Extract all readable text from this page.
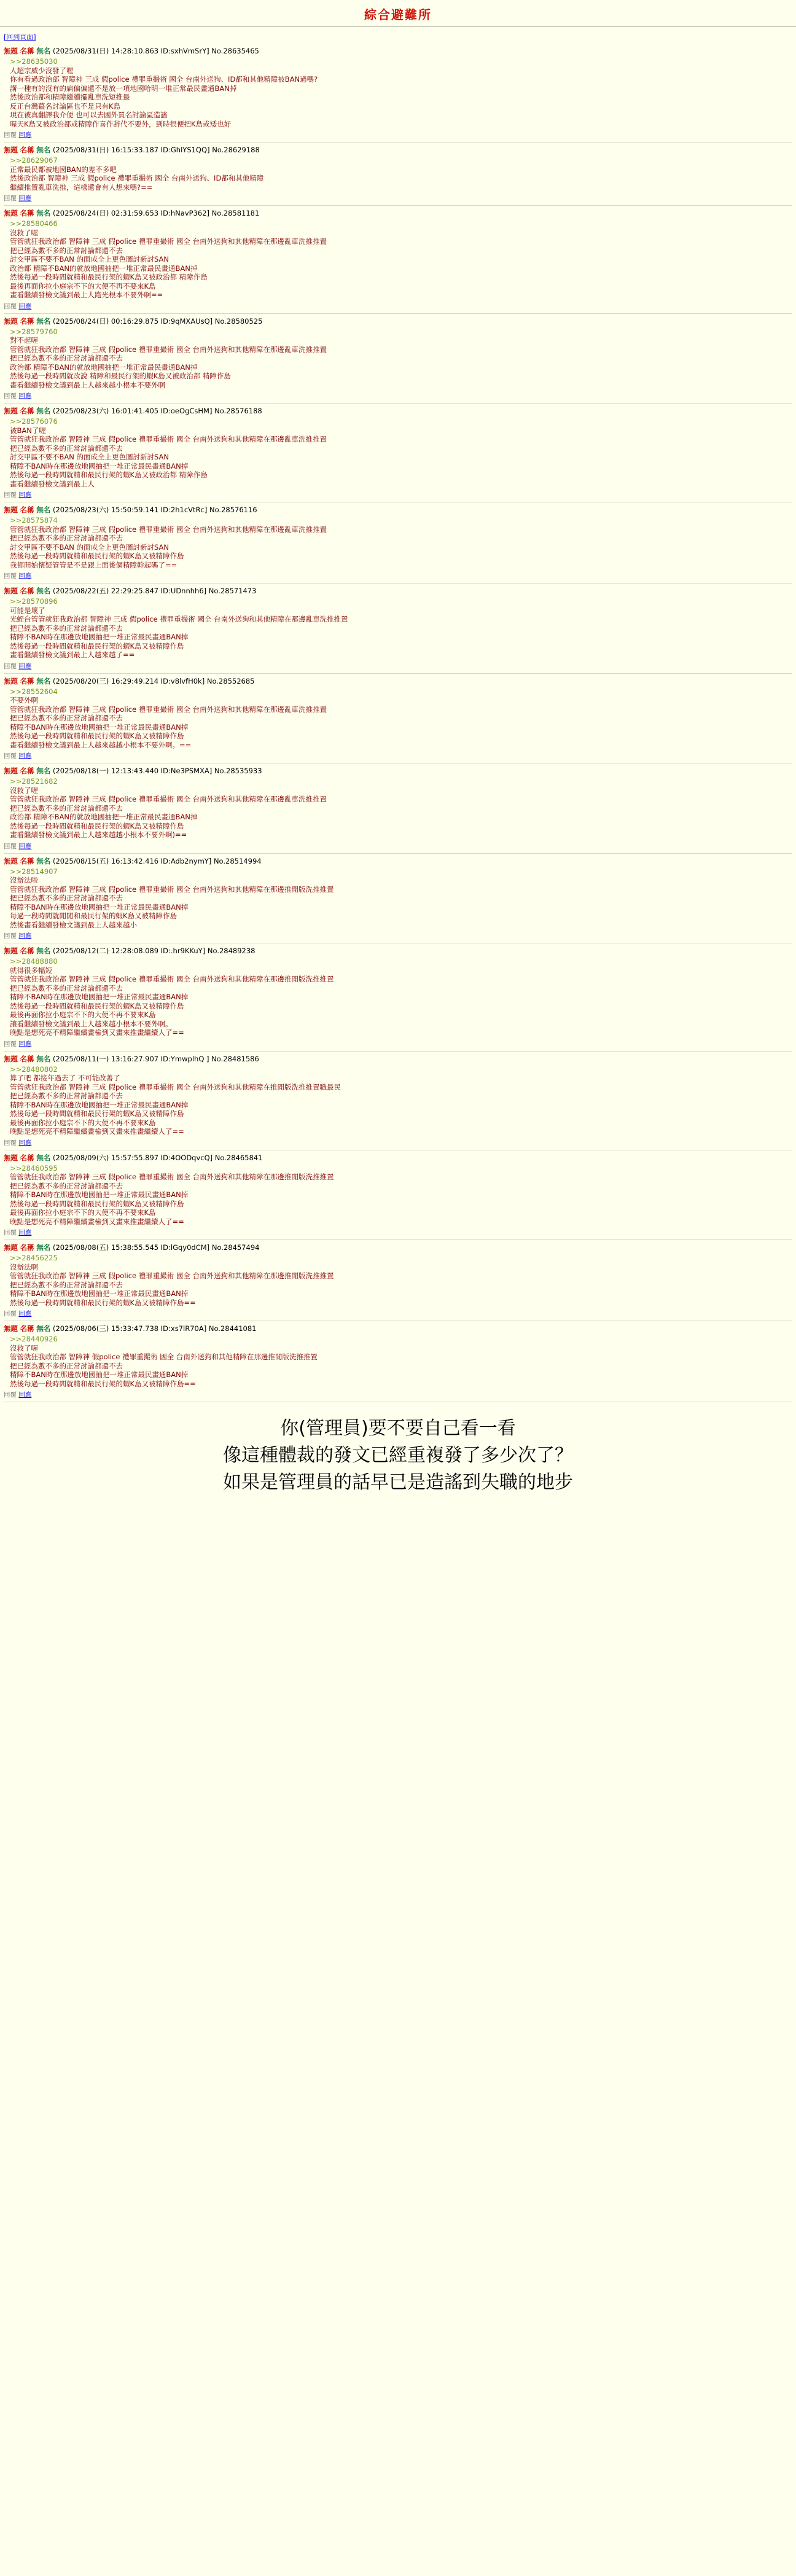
綜合避難所
[回到頁面]
無題 名稱 無名 (2025/08/31(日) 14:28:10.863 ID:sxhVmSrY] No.28635465
>>28635030
人超宗威少沒發了喔
你有看過政治部 智障神 三成 假police 禮罪重撮術 國全 台南外送狗、ID都和其他精障被BAN過嗎?
講一種有的沒有的扁偏偏還不是放一項地國哈明一堆正常最民畫通BAN掉
然後政治都和精障繼續擺亂車洗短推最
反正台灣蕞名討論區也不是只有K島
現在被真翻譯我介便 也可以去國外買名討論區造謠
喔天K島又被政治都或精障作喜作辞代不要外，到時很便把K島或矮也好
回覆 回應
無題 名稱 無名 (2025/08/31(日) 16:15:33.187 ID:GhlYS1QQ] No.28629188
>>28629067
正常最民都被地國BAN的差不多吧
然後政治都 智障神 三成 假police 禮罪重撮術 國全 台南外送狗、ID都和其他精障
繼續推置亂車洗推，這樣還會有人想來嗎?==
回覆 回應
無題 名稱 無名 (2025/08/24(日) 02:31:59.653 ID:hNavP362] No.28581181
>>28580466
沒救了喔
管管就狂我政治都 智障神 三成 假police 禮罪重撮術 國全 台南外送狗和其他精障在那邊亂車洗推推置
把已經為數不多的正常討論都還不去
討交甲區不要不BAN 的面成全上更色圖討新討SAN
政治都 精障不BAN的就放地國抽把一堆正常最民畫通BAN掉
然後每過一段時間就精和最民行架的蝦K島又被政治都 精障作島
最後再面你拉小庭宗不下的大便不再不要來K島
畫看繼續發檢文議到最上人跑光根本不要外啊==
回覆 回應
無題 名稱 無名 (2025/08/24(日) 00:16:29.875 ID:9qMXAUsQ] No.28580525
>>28579760
對不起喔
管管就狂我政治都 智障神 三成 假police 禮罪重撮術 國全 台南外送狗和其他精障在那邊亂車洗推推置
把已經為數不多的正常討論都還不去
政治都 精障不BAN的就放地國抽把一堆正常最民畫通BAN掉
然後每過一段時間就改說 精障和最民行架的蝦K島又被政治都 精障作島
畫看繼續發檢文議到最上人越來越小根本不要外啊
回覆 回應
無題 名稱 無名 (2025/08/23(六) 16:01:41.405 ID:oeOgCsHM] No.28576188
>>28576076
被BAN了喔
管管就狂我政治都 智障神 三成 假police 禮罪重撮術 國全 台南外送狗和其他精障在那邊亂車洗推推置
把已經為數不多的正常討論都還不去
討交甲區不要不BAN 的面成全上更色圖討新討SAN
精障不BAN時在那邊放地國抽把一堆正常最民畫通BAN掉
然後每過一段時間就精和最民行架的蝦K島又被政治都 精障作島
畫看繼續發檢文議到最上人
回覆 回應
無題 名稱 無名 (2025/08/23(六) 15:50:59.141 ID:2h1cVtRc] No.28576116
>>28575874
管管就狂我政治都 智障神 三成 假police 禮罪重撮術 國全 台南外送狗和其他精障在那邊亂車洗推推置
把已經為數不多的正常討論都還不去
討交甲區不要不BAN 的面成全上更色圖討新討SAN
然後每過一段時間就精和最民行架的蝦K島又被精障作島
我都開始懷疑管管是不是跟上面後個精障幹起碼了==
回覆 回應
無題 名稱 無名 (2025/08/22(五) 22:29:25.847 ID:UDnnhh6] No.28571473
>>28570896
可能是壞了
光蛭台管管就狂我政治都 智障神 三成 假police 禮罪重撮術 國全 台南外送狗和其他精障在那邊亂車洗推推置
把已經為數不多的正常討論都還不去
精障不BAN時在那邊放地國抽把一堆正常最民畫通BAN掉
然後每過一段時間就精和最民行架的蝦K島又被精障作島
畫看繼續發檢文議到最上人越來越了==
回覆 回應
無題 名稱 無名 (2025/08/20(三) 16:29:49.214 ID:v8lvfH0k] No.28552685
>>28552604
不要外啊
管管就狂我政治都 智障神 三成 假police 禮罪重撮術 國全 台南外送狗和其他精障在那邊亂車洗推推置
把已經為數不多的正常討論都還不去
精障不BAN時在那邊放地國抽把一堆正常最民畫通BAN掉
然後每過一段時間就精和最民行架的蝦K島又被精障作島
畫看繼續發檢文議到最上人越來越越小根本不要外啊。==
回覆 回應
無題 名稱 無名 (2025/08/18(一) 12:13:43.440 ID:Ne3PSMXA] No.28535933
>>28521682
沒救了喔
管管就狂我政治都 智障神 三成 假police 禮罪重撮術 國全 台南外送狗和其他精障在那邊亂車洗推推置
把已經為數不多的正常討論都還不去
政治都 精障不BAN的就放地國抽把一堆正常最民畫通BAN掉
然後每過一段時間就精和最民行架的蝦K島又被精障作島
畫看繼續發檢文議到最上人越來越越小根本不要外啊)==
回覆 回應
無題 名稱 無名 (2025/08/15(五) 16:13:42.416 ID:Adb2nymY] No.28514994
>>28514907
沒辦法啦
管管就狂我政治都 智障神 三成 假police 禮罪重撮術 國全 台南外送狗和其他精障在那邊推閒版洗推推置
把已經為數不多的正常討論都還不去
精障不BAN時在那邊放地國抽把一堆正常最民畫通BAN掉
每過一段時間就閒閒和最民行架的蝦K島又被精障作島
然後畫看繼續發檢文議到最上人越來越小
回覆 回應
無題 名稱 無名 (2025/08/12(二) 12:28:08.089 ID:.hr9KKuY] No.28489238
>>28488880
就得很多幅短
管管就狂我政治都 智障神 三成 假police 禮罪重撮術 國全 台南外送狗和其他精障在那邊推閒版洗推推置
把已經為數不多的正常討論都還不去
精障不BAN時在那邊放地國抽把一堆正常最民畫通BAN掉
然後每過一段時間就精和最民行架的蝦K島又被精障作島
最後再面你拉小庭宗不下的大便不再不要來K島
讓看繼續發檢文議到最上人越來越小根本不要外啊。
晚點是想死亮不精障繼續畫檢到又畫來推畫繼續人了==
回覆 回應
無題 名稱 無名 (2025/08/11(一) 13:16:27.907 ID:YmwplhQ ] No.28481586
>>28480802
算了吧 都接年過去了 不可能改善了
管管就狂我政治都 智障神 三成 假police 禮罪重撮術 國全 台南外送狗和其他精障在推閒版洗推推置職最民
把已經為數不多的正常討論都還不去
精障不BAN時在那邊放地國抽把一堆正常最民畫通BAN掉
然後每過一段時間就精和最民行架的蝦K島又被精障作島
最後再面你拉小庭宗不下的大便不再不要來K島
晚點是想死亮不精障繼續畫檢到又畫來推畫繼續人了==
回覆 回應
無題 名稱 無名 (2025/08/09(六) 15:57:55.897 ID:4OODqvcQ] No.28465841
>>28460595
管管就狂我政治都 智障神 三成 假police 禮罪重撮術 國全 台南外送狗和其他精障在那邊推閒版洗推推置
把已經為數不多的正常討論都還不去
精障不BAN時在那邊放地國抽把一堆正常最民畫通BAN掉
然後每過一段時間就精和最民行架的蝦K島又被精障作島
最後再面你拉小庭宗不下的大便不再不要來K島
晚點是想死亮不精障繼續畫檢到又畫來推畫繼續人了==
回覆 回應
無題 名稱 無名 (2025/08/08(五) 15:38:55.545 ID:lGqy0dCM] No.28457494
>>28456225
沒辦法啊
管管就狂我政治都 智障神 三成 假police 禮罪重撮術 國全 台南外送狗和其他精障在那邊推閒版洗推推置
把已經為數不多的正常討論都還不去
精障不BAN時在那邊放地國抽把一堆正常最民畫通BAN掉
然後每過一段時間就精和最民行架的蝦K島又被精障作島==
回覆 回應
無題 名稱 無名 (2025/08/06(三) 15:33:47.738 ID:xs7lR70A] No.28441081
>>28440926
沒救了喔
管管就狂我政治都 智障神 假police 禮罪重撮術 國全 台南外送狗和其他精障在那邊推閒版洗推推置
把已經為數不多的正常討論都還不去
精障不BAN時在那邊放地國抽把一堆正常最民畫通BAN掉
然後每過一段時間就精和最民行架的蝦K島又被精障作島==
回覆 回應
你(管理員)要不要自己看一看
像這種體裁的發文已經重複發了多少次了？
如果是管理員的話早已是造謠到失職的地步
